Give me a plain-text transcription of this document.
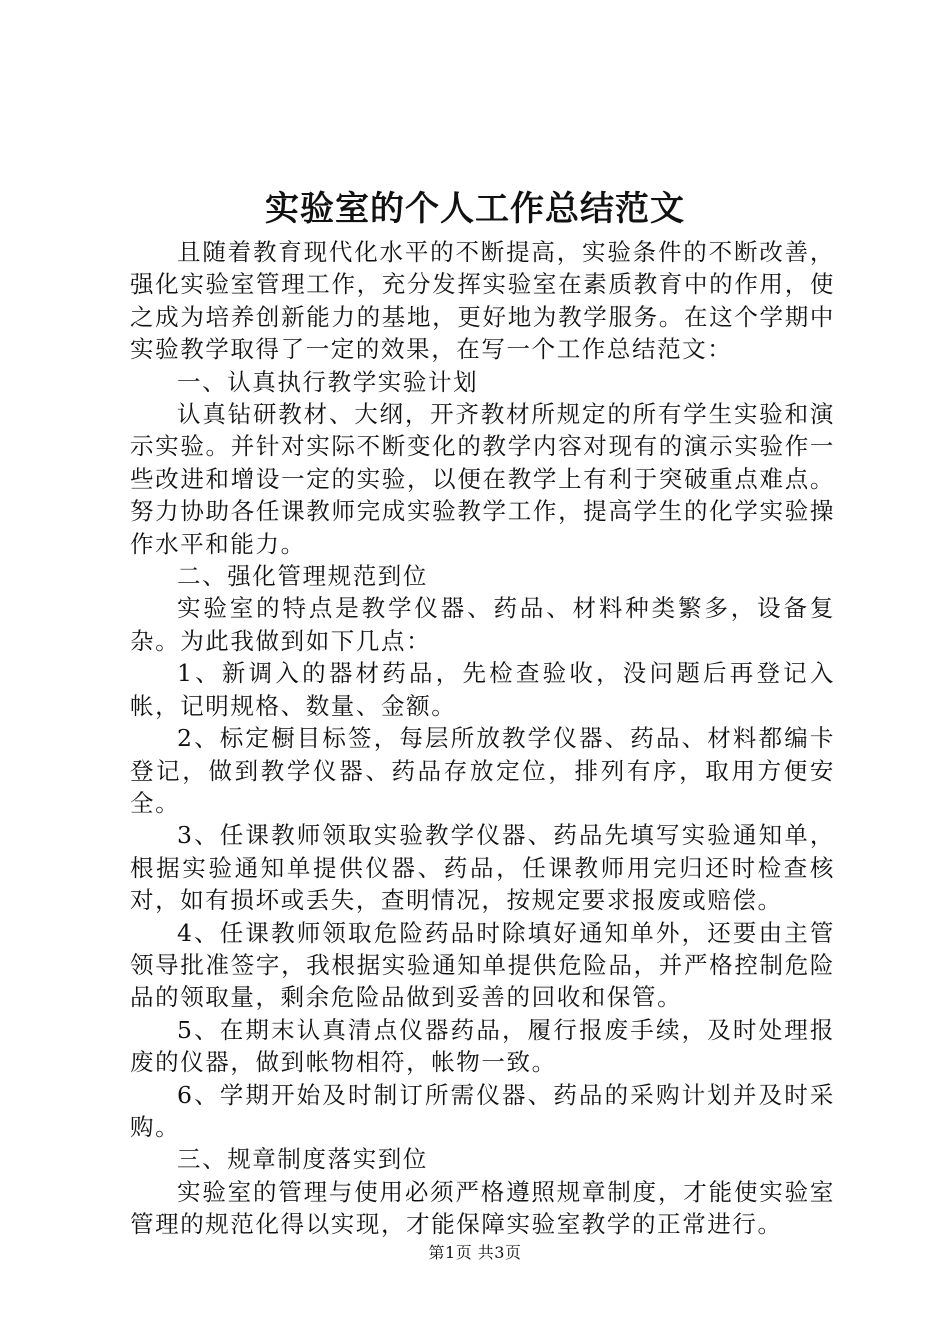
实验室的个人工作总结范文

且随着教育现代化水平的不断提高，实验条件的不断改善，强化实验室管理工作，充分发挥实验室在素质教育中的作用，使之成为培养创新能力的基地，更好地为教学服务。在这个学期中实验教学取得了一定的效果，在写一个工作总结范文：

一、认真执行教学实验计划

认真钻研教材、大纲，开齐教材所规定的所有学生实验和演示实验。并针对实际不断变化的教学内容对现有的演示实验作一些改进和增设一定的实验，以便在教学上有利于突破重点难点。努力协助各任课教师完成实验教学工作，提高学生的化学实验操作水平和能力。

二、强化管理规范到位

实验室的特点是教学仪器、药品、材料种类繁多，设备复杂。为此我做到如下几点：

1、新调入的器材药品，先检查验收，没问题后再登记入帐，记明规格、数量、金额。

2、标定橱目标签，每层所放教学仪器、药品、材料都编卡登记，做到教学仪器、药品存放定位，排列有序，取用方便安全。

3、任课教师领取实验教学仪器、药品先填写实验通知单，根据实验通知单提供仪器、药品，任课教师用完归还时检查核对，如有损坏或丢失，查明情况，按规定要求报废或赔偿。

4、任课教师领取危险药品时除填好通知单外，还要由主管领导批准签字，我根据实验通知单提供危险品，并严格控制危险品的领取量，剩余危险品做到妥善的回收和保管。

5、在期末认真清点仪器药品，履行报废手续，及时处理报废的仪器，做到帐物相符，帐物一致。

6、学期开始及时制订所需仪器、药品的采购计划并及时采购。

三、规章制度落实到位

实验室的管理与使用必须严格遵照规章制度，才能使实验室管理的规范化得以实现，才能保障实验室教学的正常进行。

第1页 共3页
